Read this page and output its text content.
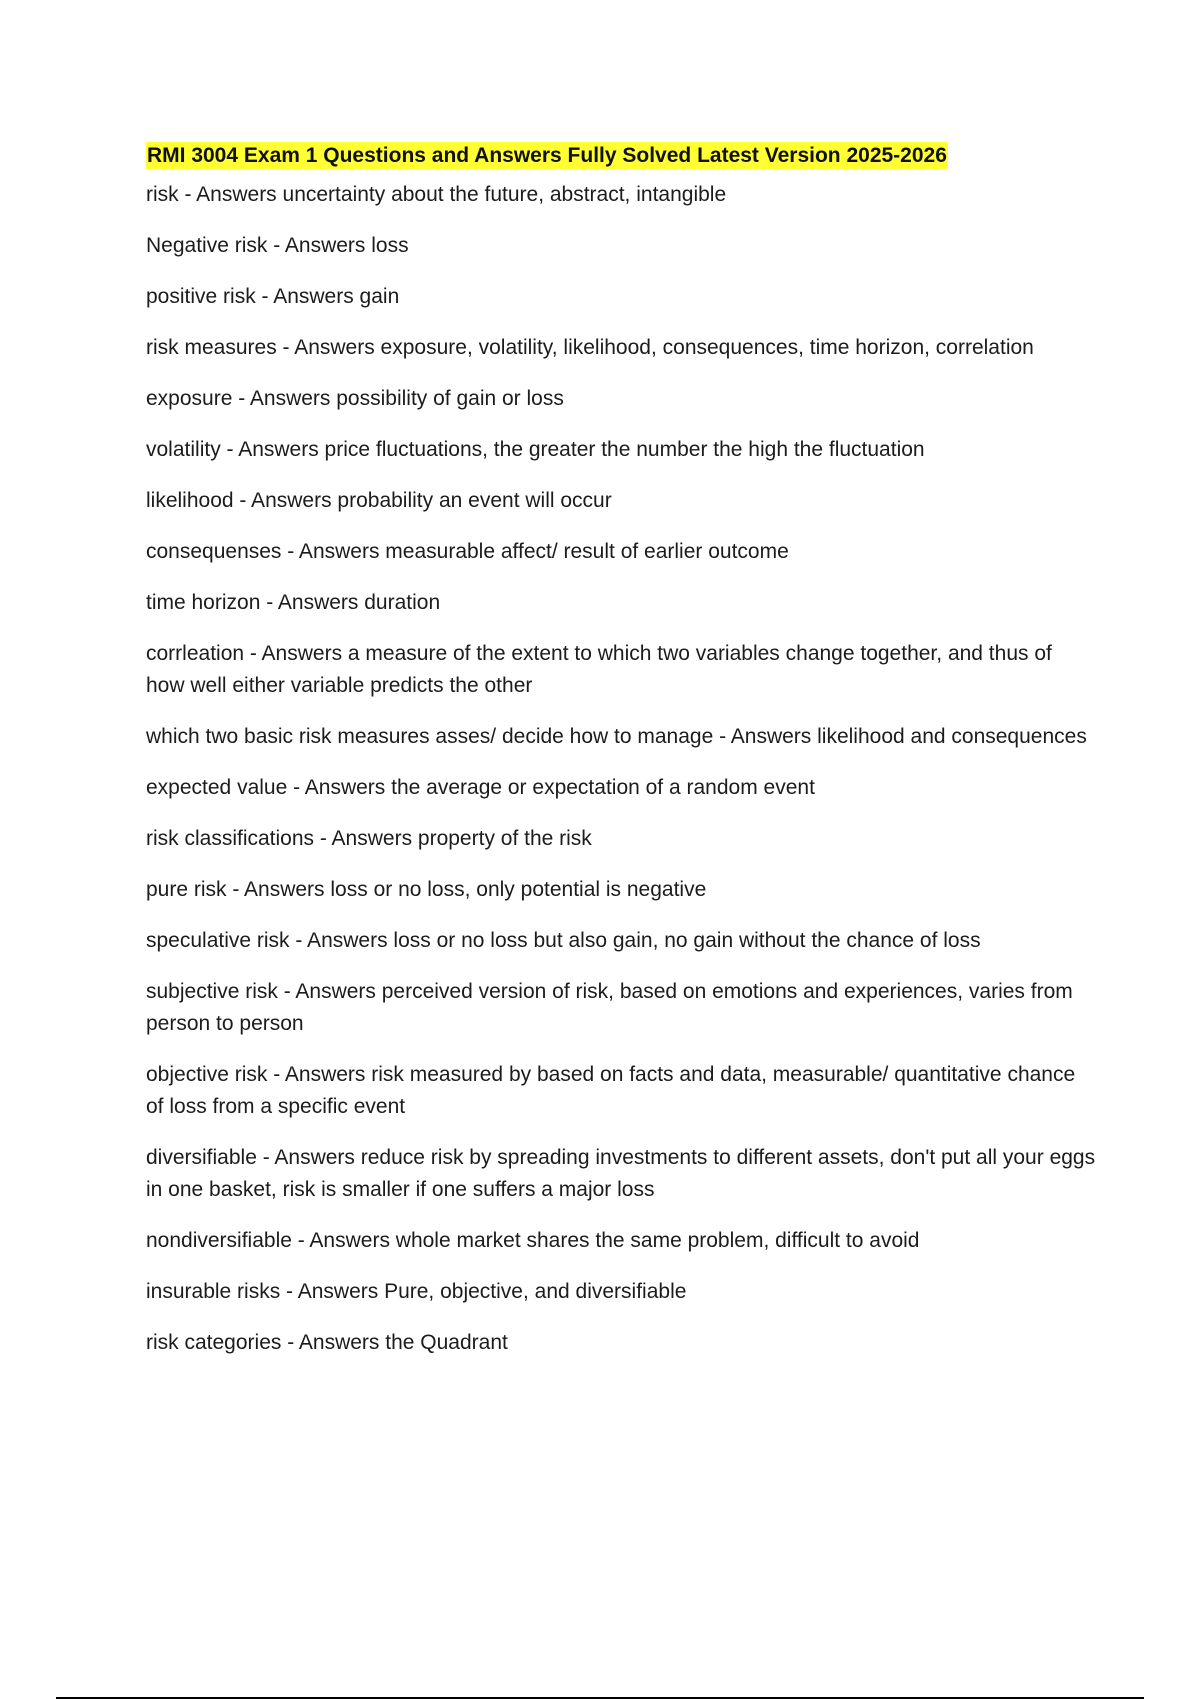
RMI 3004 Exam 1 Questions and Answers Fully Solved Latest Version 2025-2026
risk - Answers uncertainty about the future, abstract, intangible
Negative risk - Answers loss
positive risk - Answers gain
risk measures - Answers exposure, volatility, likelihood, consequences, time horizon, correlation
exposure - Answers possibility of gain or loss
volatility - Answers price fluctuations, the greater the number the high the fluctuation
likelihood - Answers probability an event will occur
consequenses - Answers measurable affect/ result of earlier outcome
time horizon - Answers duration
corrleation - Answers a measure of the extent to which two variables change together, and thus of how well either variable predicts the other
which two basic risk measures asses/ decide how to manage - Answers likelihood and consequences
expected value - Answers the average or expectation of a random event
risk classifications - Answers property of the risk
pure risk - Answers loss or no loss, only potential is negative
speculative risk - Answers loss or no loss but also gain, no gain without the chance of loss
subjective risk - Answers perceived version of risk, based on emotions and experiences, varies from person to person
objective risk - Answers risk measured by based on facts and data, measurable/ quantitative chance of loss from a specific event
diversifiable - Answers reduce risk by spreading investments to different assets, don't put all your eggs in one basket, risk is smaller if one suffers a major loss
nondiversifiable - Answers whole market shares the same problem, difficult to avoid
insurable risks - Answers Pure, objective, and diversifiable
risk categories - Answers the Quadrant
